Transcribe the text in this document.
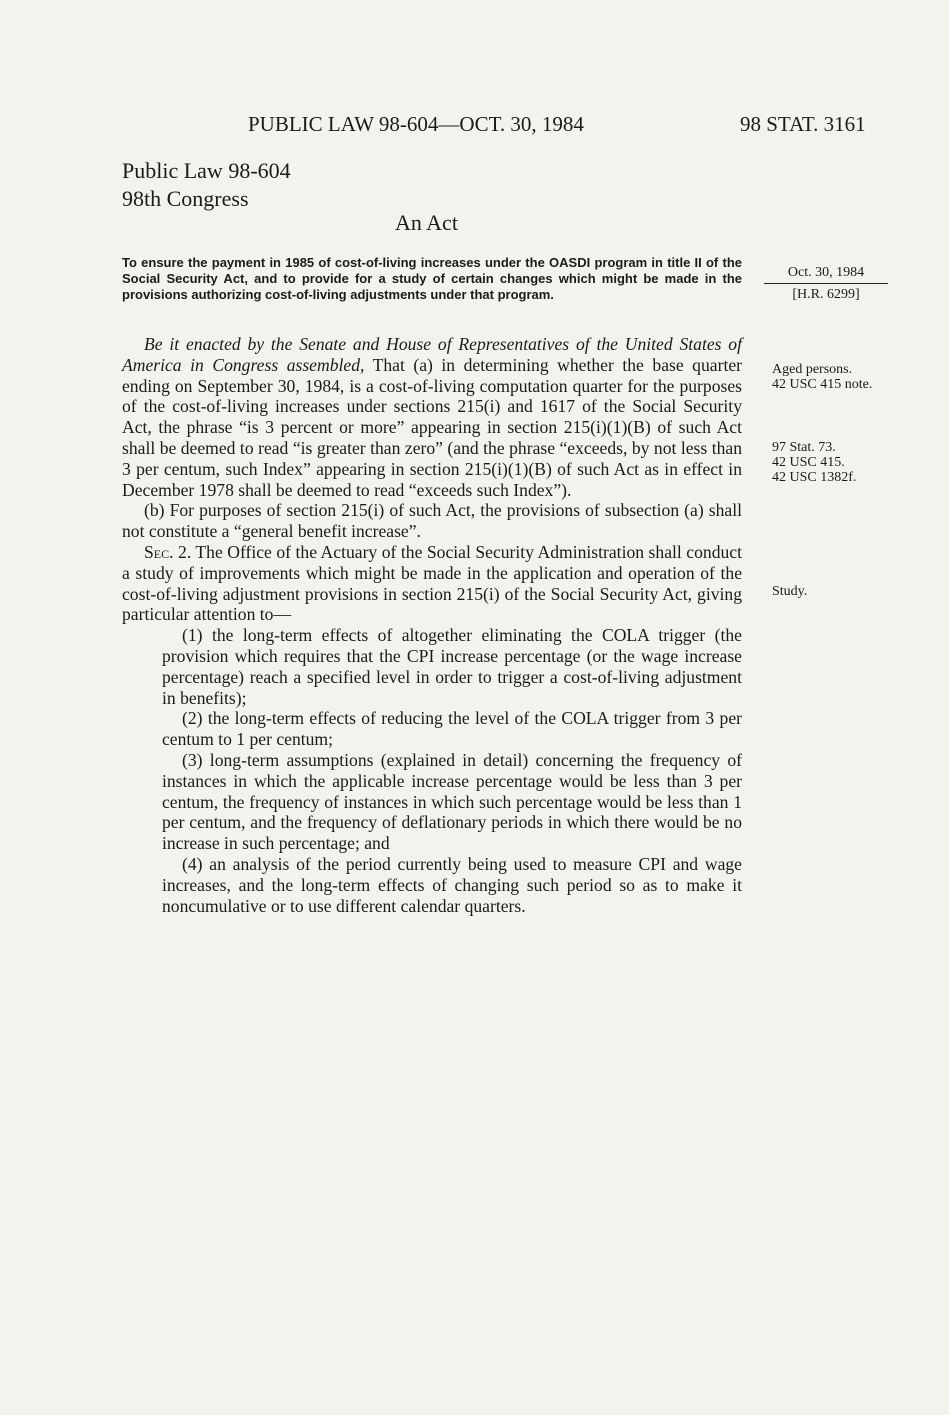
PUBLIC LAW 98-604—OCT. 30, 1984	98 STAT. 3161
Public Law 98-604
98th Congress
An Act
To ensure the payment in 1985 of cost-of-living increases under the OASDI program in title II of the Social Security Act, and to provide for a study of certain changes which might be made in the provisions authorizing cost-of-living adjustments under that program.
Oct. 30, 1984
[H.R. 6299]
Aged persons.
42 USC 415 note.
97 Stat. 73.
42 USC 415.
42 USC 1382f.
Study.

Be it enacted by the Senate and House of Representatives of the United States of America in Congress assembled, That (a) in determining whether the base quarter ending on September 30, 1984, is a cost-of-living computation quarter for the purposes of the cost-of-living increases under sections 215(i) and 1617 of the Social Security Act, the phrase “is 3 percent or more” appearing in section 215(i)(1)(B) of such Act shall be deemed to read “is greater than zero” (and the phrase “exceeds, by not less than 3 per centum, such Index” appearing in section 215(i)(1)(B) of such Act as in effect in December 1978 shall be deemed to read “exceeds such Index”).

(b) For purposes of section 215(i) of such Act, the provisions of subsection (a) shall not constitute a “general benefit increase”.

Sec. 2. The Office of the Actuary of the Social Security Administration shall conduct a study of improvements which might be made in the application and operation of the cost-of-living adjustment provisions in section 215(i) of the Social Security Act, giving particular attention to—

(1) the long-term effects of altogether eliminating the COLA trigger (the provision which requires that the CPI increase percentage (or the wage increase percentage) reach a specified level in order to trigger a cost-of-living adjustment in benefits);

(2) the long-term effects of reducing the level of the COLA trigger from 3 per centum to 1 per centum;

(3) long-term assumptions (explained in detail) concerning the frequency of instances in which the applicable increase percentage would be less than 3 per centum, the frequency of instances in which such percentage would be less than 1 per centum, and the frequency of deflationary periods in which there would be no increase in such percentage; and

(4) an analysis of the period currently being used to measure CPI and wage increases, and the long-term effects of changing such period so as to make it noncumulative or to use different calendar quarters.
